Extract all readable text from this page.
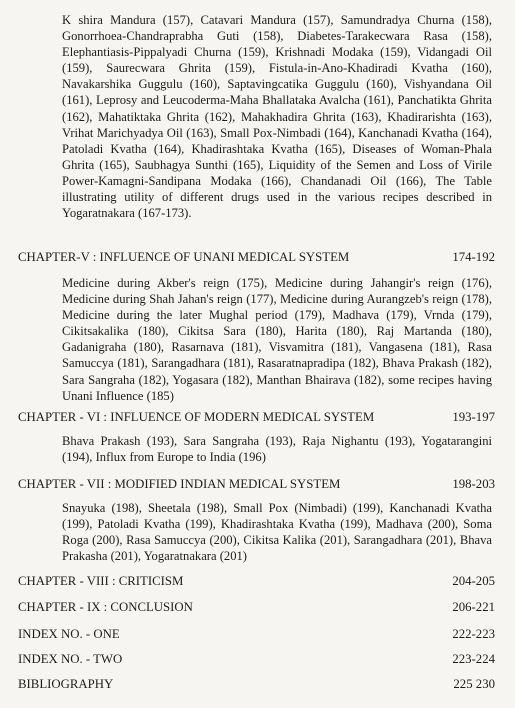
K shira Mandura (157), Catavari Mandura (157), Samundradya Churna (158), Gonorrhoea-Chandraprabha Guti (158), Diabetes-Tarakecwara Rasa (158), Elephantiasis-Pippalyadi Churna (159), Krishnadi Modaka (159), Vidangadi Oil (159), Saurecwara Ghrita (159), Fistula-in-Ano-Khadiradi Kvatha (160), Navakarshika Guggulu (160), Saptavingcatika Guggulu (160), Vishyandana Oil (161), Leprosy and Leucoderma-Maha Bhallataka Avalcha (161), Panchatikta Ghrita (162), Mahatiktaka Ghrita (162), Mahakhadira Ghrita (163), Khadirarishta (163), Vrihat Marichyadya Oil (163), Small Pox-Nimbadi (164), Kanchanadi Kvatha (164), Patoladi Kvatha (164), Khadirashtaka Kvatha (165), Diseases of Woman-Phala Ghrita (165), Saubhagya Sunthi (165), Liquidity of the Semen and Loss of Virile Power-Kamagni-Sandipana Modaka (166), Chandanadi Oil (166), The Table illustrating utility of different drugs used in the various recipes described in Yogaratnakara (167-173).

CHAPTER-V : INFLUENCE OF UNANI MEDICAL SYSTEM	174-192

Medicine during Akber's reign (175), Medicine during Jahangir's reign (176), Medicine during Shah Jahan's reign (177), Medicine during Aurangzeb's reign (178), Medicine during the later Mughal period (179), Madhava (179), Vrnda (179), Cikitsakalika (180), Cikitsa Sara (180), Harita (180), Raj Martanda (180), Gadanigraha (180), Rasarnava (181), Visvamitra (181), Vangasena (181), Rasa Samuccya (181), Sarangadhara (181), Rasaratnapradipa (182), Bhava Prakash (182), Sara Sangraha (182), Yogasara (182), Manthan Bhairava (182), some recipes having Unani Influence (185)

CHAPTER - VI : INFLUENCE OF MODERN MEDICAL SYSTEM	193-197

Bhava Prakash (193), Sara Sangraha (193), Raja Nighantu (193), Yogatarangini (194), Influx from Europe to India (196)

CHAPTER - VII : MODIFIED INDIAN MEDICAL SYSTEM	198-203

Snayuka (198), Sheetala (198), Small Pox (Nimbadi) (199), Kanchanadi Kvatha (199), Patoladi Kvatha (199), Khadirashtaka Kvatha (199), Madhava (200), Soma Roga (200), Rasa Samuccya (200), Cikitsa Kalika (201), Sarangadhara (201), Bhava Prakasha (201), Yogaratnakara (201)

CHAPTER - VIII : CRITICISM	204-205
CHAPTER - IX : CONCLUSION	206-221
INDEX NO. - ONE	222-223
INDEX NO. - TWO	223-224
BIBLIOGRAPHY	225 230
